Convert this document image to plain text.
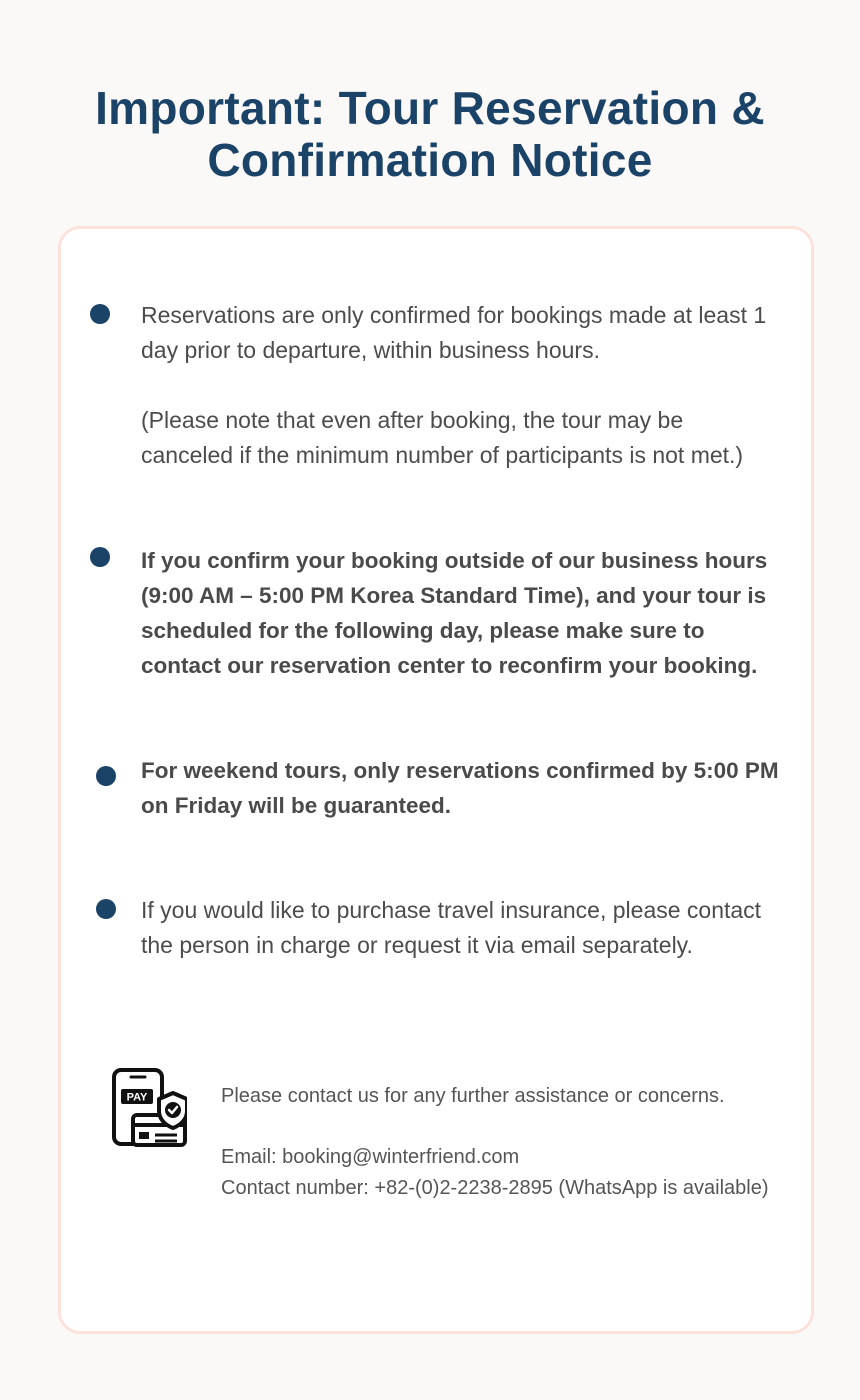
Important: Tour Reservation & Confirmation Notice

Reservations are only confirmed for bookings made at least 1 day prior to departure, within business hours.

(Please note that even after booking, the tour may be canceled if the minimum number of participants is not met.)

If you confirm your booking outside of our business hours (9:00 AM – 5:00 PM Korea Standard Time), and your tour is scheduled for the following day, please make sure to contact our reservation center to reconfirm your booking.

For weekend tours, only reservations confirmed by 5:00 PM on Friday will be guaranteed.

If you would like to purchase travel insurance, please contact the person in charge or request it via email separately.

PAY	Please contact us for any further assistance or concerns.

Email: booking@winterfriend.com

Contact number: +82-(0)2-2238-2895 (WhatsApp is available)
